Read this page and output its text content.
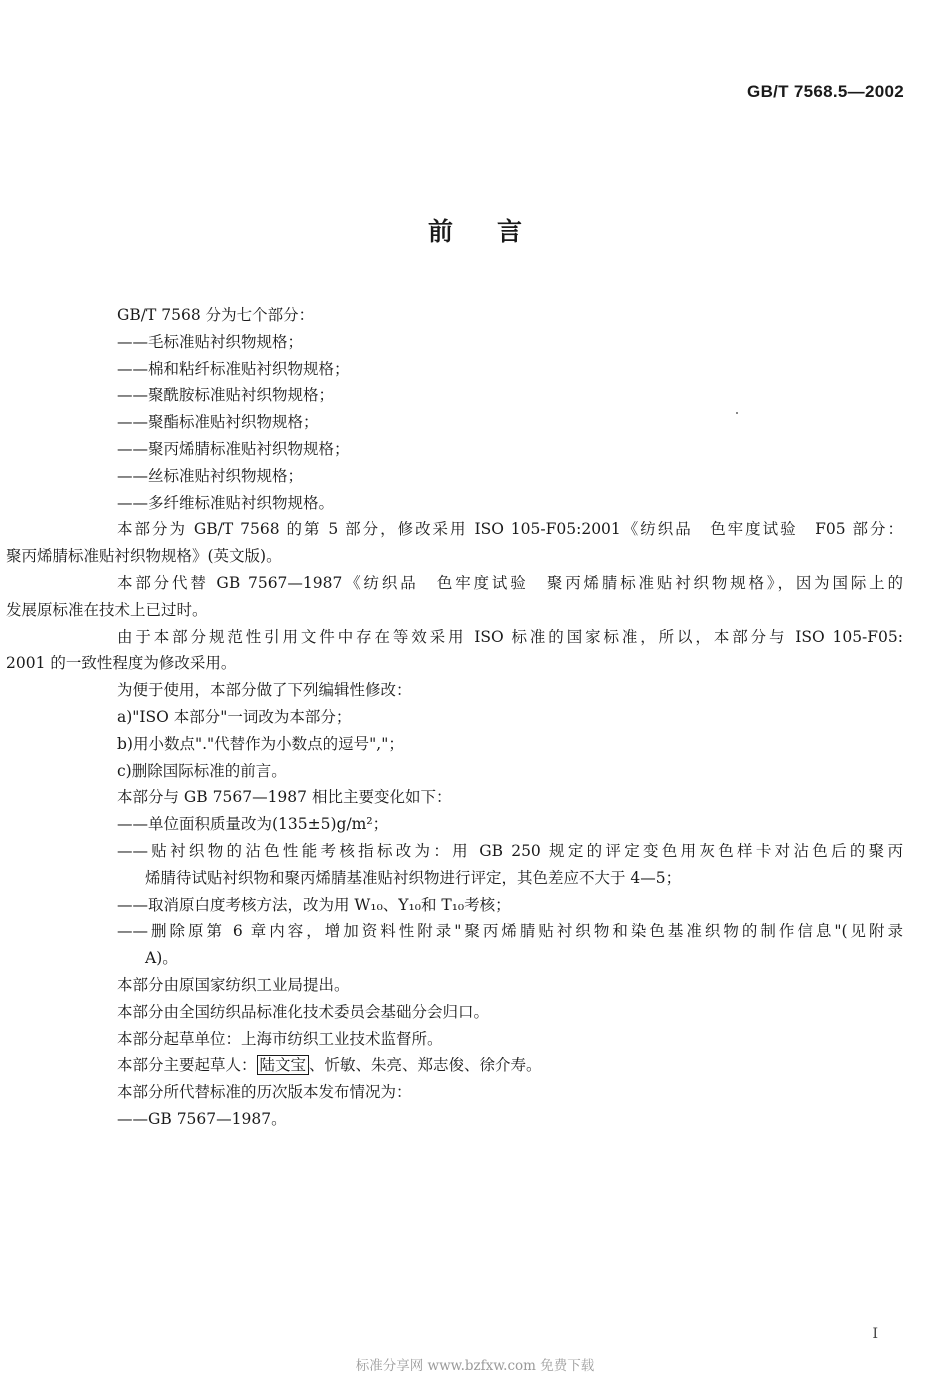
GB/T 7568.5—2002
前言
GB/T 7568 分为七个部分：
——毛标准贴衬织物规格；
——棉和粘纤标准贴衬织物规格；
——聚酰胺标准贴衬织物规格；
——聚酯标准贴衬织物规格；
——聚丙烯腈标准贴衬织物规格；
——丝标准贴衬织物规格；
——多纤维标准贴衬织物规格。
本部分为 GB/T 7568 的第 5 部分，修改采用 ISO 105-F05:2001《纺织品　色牢度试验　F05 部分：
聚丙烯腈标准贴衬织物规格》(英文版)。
本部分代替 GB 7567—1987《纺织品　色牢度试验　聚丙烯腈标准贴衬织物规格》，因为国际上的
发展原标准在技术上已过时。
由于本部分规范性引用文件中存在等效采用 ISO 标准的国家标准，所以，本部分与 ISO 105-F05:
2001 的一致性程度为修改采用。
为便于使用，本部分做了下列编辑性修改：
a)"ISO 本部分"一词改为本部分；
b)用小数点"."代替作为小数点的逗号","；
c)删除国际标准的前言。
本部分与 GB 7567—1987 相比主要变化如下：
——单位面积质量改为(135±5)g/m²；
——贴衬织物的沾色性能考核指标改为：用 GB 250 规定的评定变色用灰色样卡对沾色后的聚丙
烯腈待试贴衬织物和聚丙烯腈基准贴衬织物进行评定，其色差应不大于 4—5；
——取消原白度考核方法，改为用 W₁₀、Y₁₀和 T₁₀考核；
——删除原第 6 章内容，增加资料性附录"聚丙烯腈贴衬织物和染色基准织物的制作信息"(见附录
A)。
本部分由原国家纺织工业局提出。
本部分由全国纺织品标准化技术委员会基础分会归口。
本部分起草单位：上海市纺织工业技术监督所。
本部分主要起草人： 陆文宝 、忻敏、朱亮、郑志俊、徐介寿。
本部分所代替标准的历次版本发布情况为：
——GB 7567—1987。
I
标准分享网 www.bzfxw.com 免费下载
